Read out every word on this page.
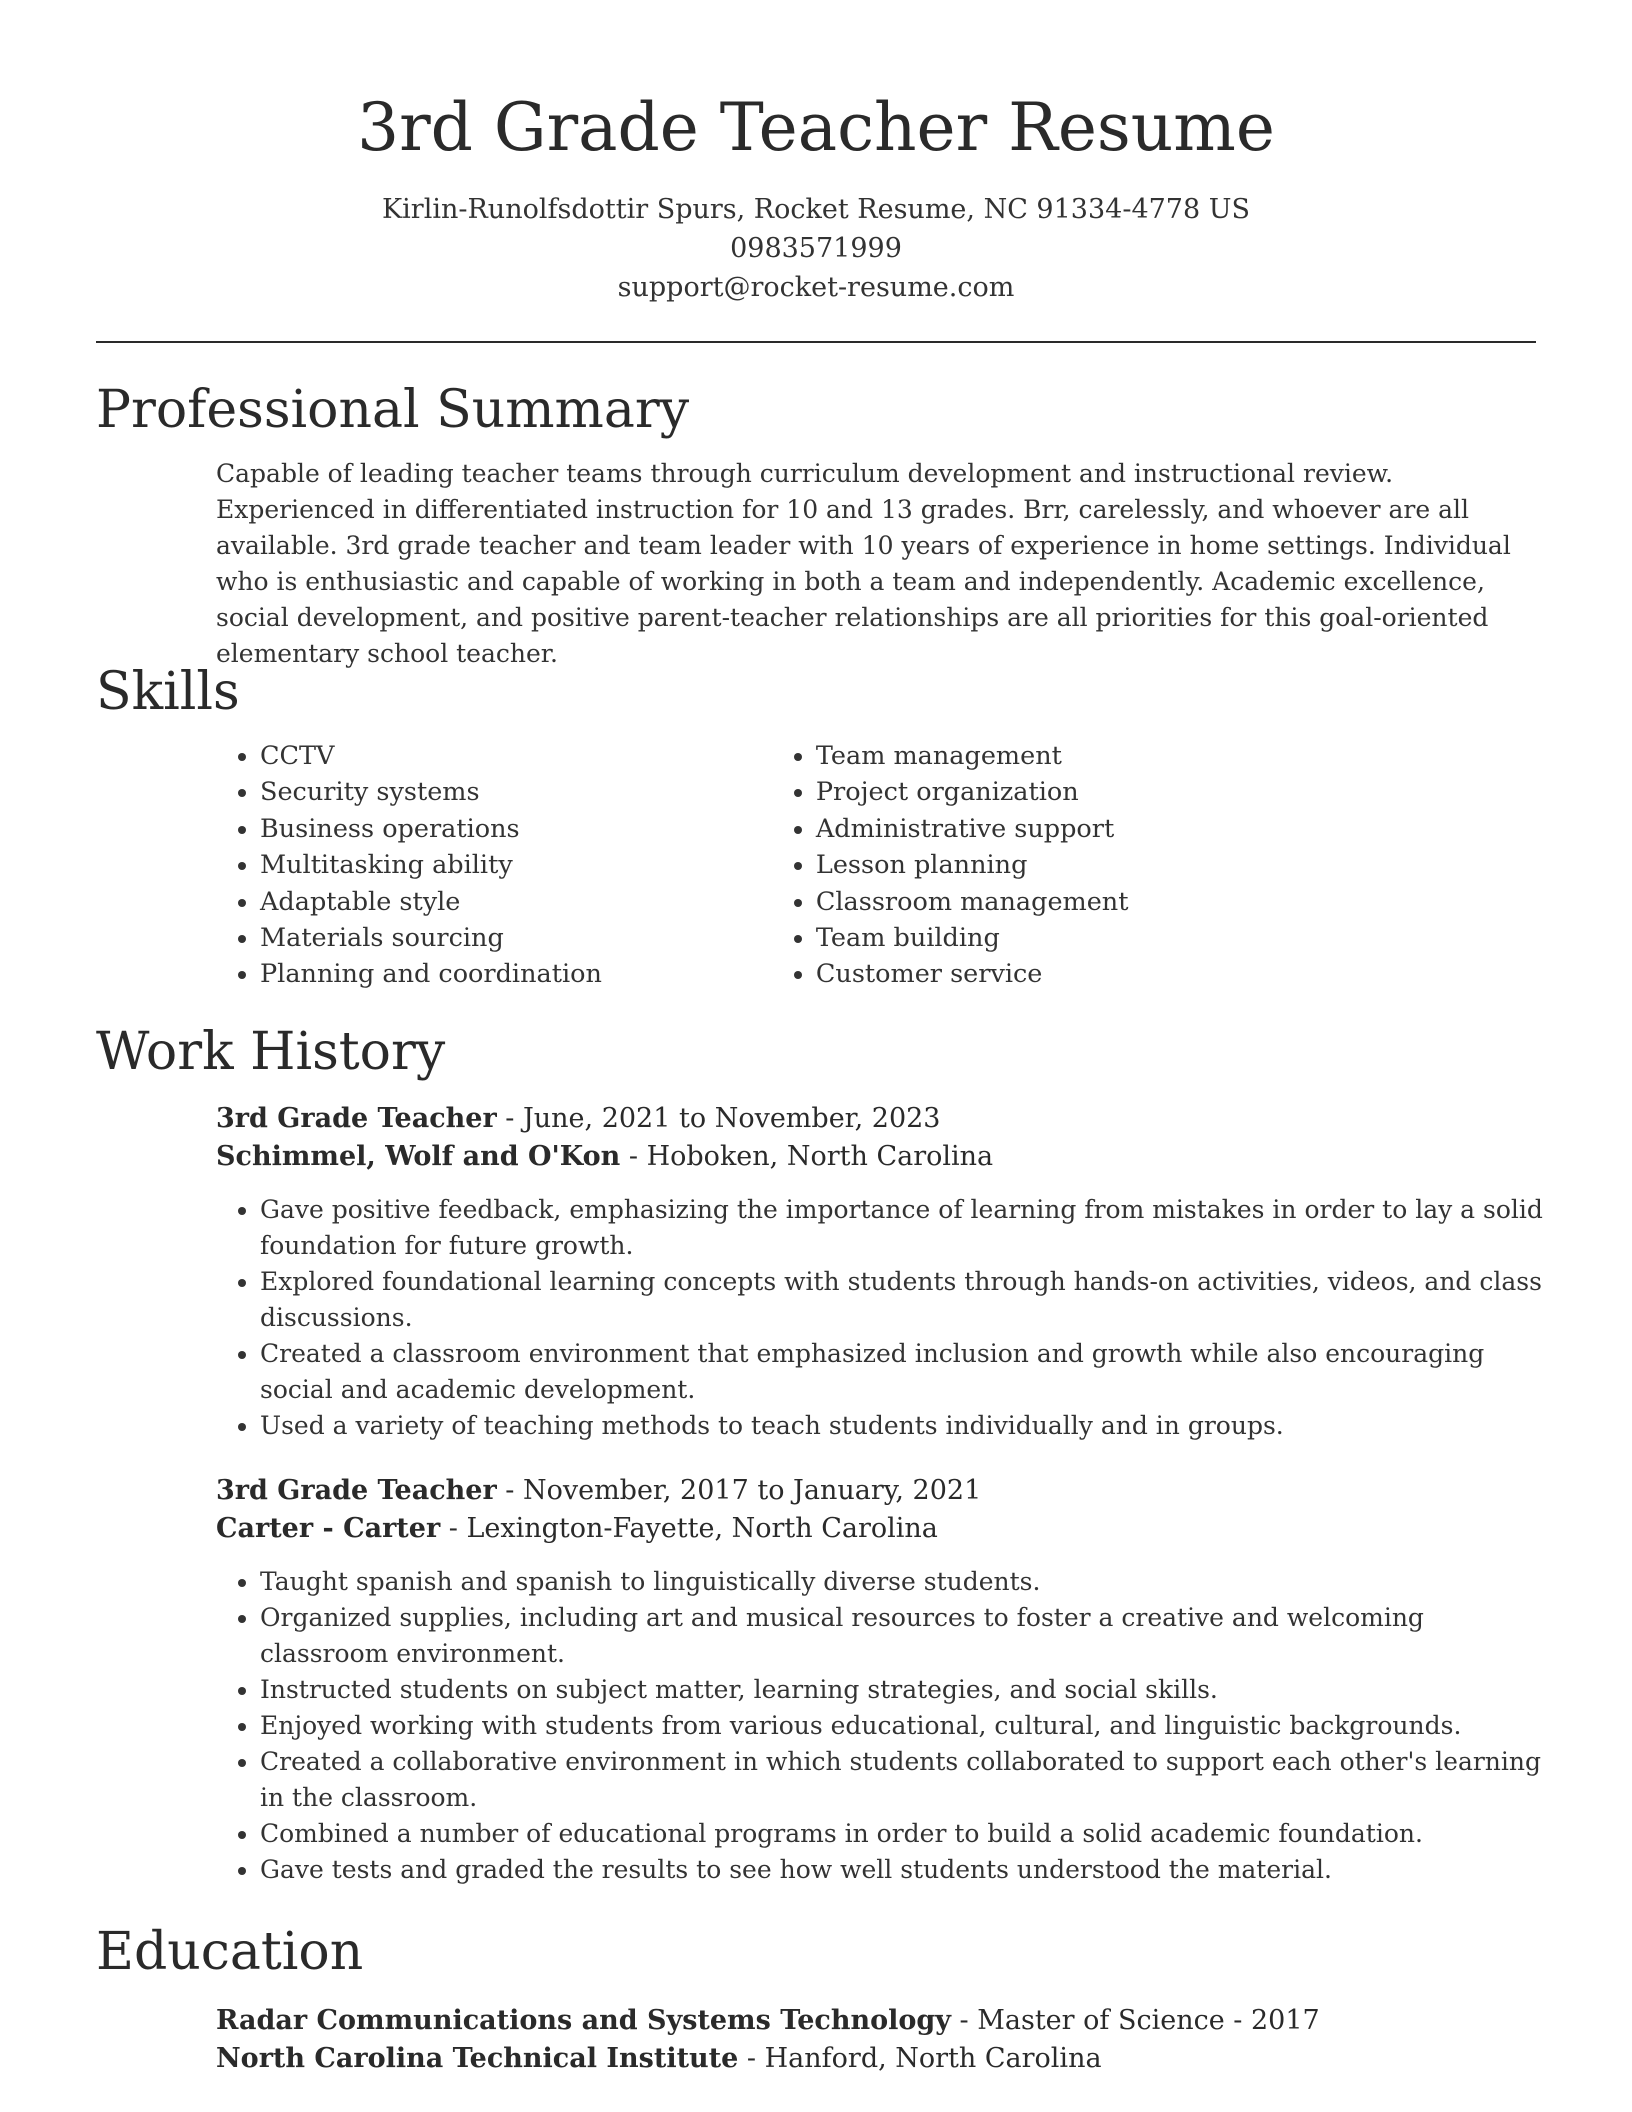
3rd Grade Teacher Resume
Kirlin-Runolfsdottir Spurs, Rocket Resume, NC 91334-4778 US
0983571999
support@rocket-resume.com
Professional Summary

Capable of leading teacher teams through curriculum development and instructional review. Experienced in differentiated instruction for 10 and 13 grades. Brr, carelessly, and whoever are all available. 3rd grade teacher and team leader with 10 years of experience in home settings. Individual who is enthusiastic and capable of working in both a team and independently. Academic excellence, social development, and positive parent-teacher relationships are all priorities for this goal-oriented elementary school teacher.

Skills
• CCTV
• Security systems
• Business operations
• Multitasking ability
• Adaptable style
• Materials sourcing
• Planning and coordination
• Team management
• Project organization
• Administrative support
• Lesson planning
• Classroom management
• Team building
• Customer service
Work History
3rd Grade Teacher - June, 2021 to November, 2023
Schimmel, Wolf and O'Kon - Hoboken, North Carolina
• Gave positive feedback, emphasizing the importance of learning from mistakes in order to lay a solid foundation for future growth.
• Explored foundational learning concepts with students through hands-on activities, videos, and class discussions.
• Created a classroom environment that emphasized inclusion and growth while also encouraging social and academic development.
• Used a variety of teaching methods to teach students individually and in groups.
3rd Grade Teacher - November, 2017 to January, 2021
Carter - Carter - Lexington-Fayette, North Carolina
• Taught spanish and spanish to linguistically diverse students.
• Organized supplies, including art and musical resources to foster a creative and welcoming classroom environment.
• Instructed students on subject matter, learning strategies, and social skills.
• Enjoyed working with students from various educational, cultural, and linguistic backgrounds.
• Created a collaborative environment in which students collaborated to support each other's learning in the classroom.
• Combined a number of educational programs in order to build a solid academic foundation.
• Gave tests and graded the results to see how well students understood the material.
Education
Radar Communications and Systems Technology - Master of Science - 2017
North Carolina Technical Institute - Hanford, North Carolina
